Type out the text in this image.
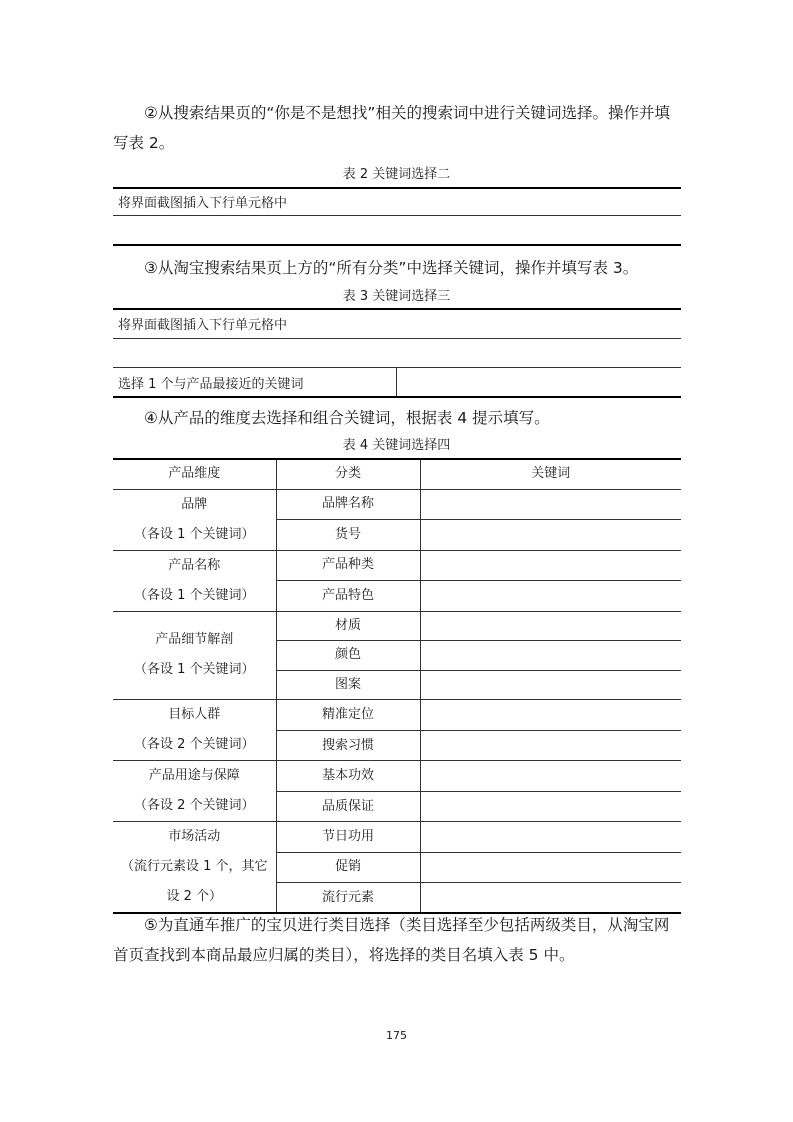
②从搜索结果页的“你是不是想找”相关的搜索词中进行关键词选择。操作并填写表 2。

表 2 关键词选择二
将界面截图插入下行单元格中

③从淘宝搜索结果页上方的“所有分类”中选择关键词，操作并填写表 3。

表 3 关键词选择三
将界面截图插入下行单元格中
选择 1 个与产品最接近的关键词

④从产品的维度去选择和组合关键词，根据表 4 提示填写。

表 4 关键词选择四
产品维度	分类	关键词

品牌
（各设 1 个关键词）	品牌名称	
	货号	

产品名称
（各设 1 个关键词）	产品种类	
	产品特色	

产品细节解剖
（各设 1 个关键词）	材质	
	颜色	
	图案	

目标人群
（各设 2 个关键词）	精准定位	
	搜索习惯	

产品用途与保障
（各设 2 个关键词）	基本功效	
	品质保证	

市场活动
（流行元素设 1 个，其它
设 2 个）	节日功用	
	促销	
	流行元素	

⑤为直通车推广的宝贝进行类目选择（类目选择至少包括两级类目，从淘宝网首页查找到本商品最应归属的类目），将选择的类目名填入表 5 中。

175
